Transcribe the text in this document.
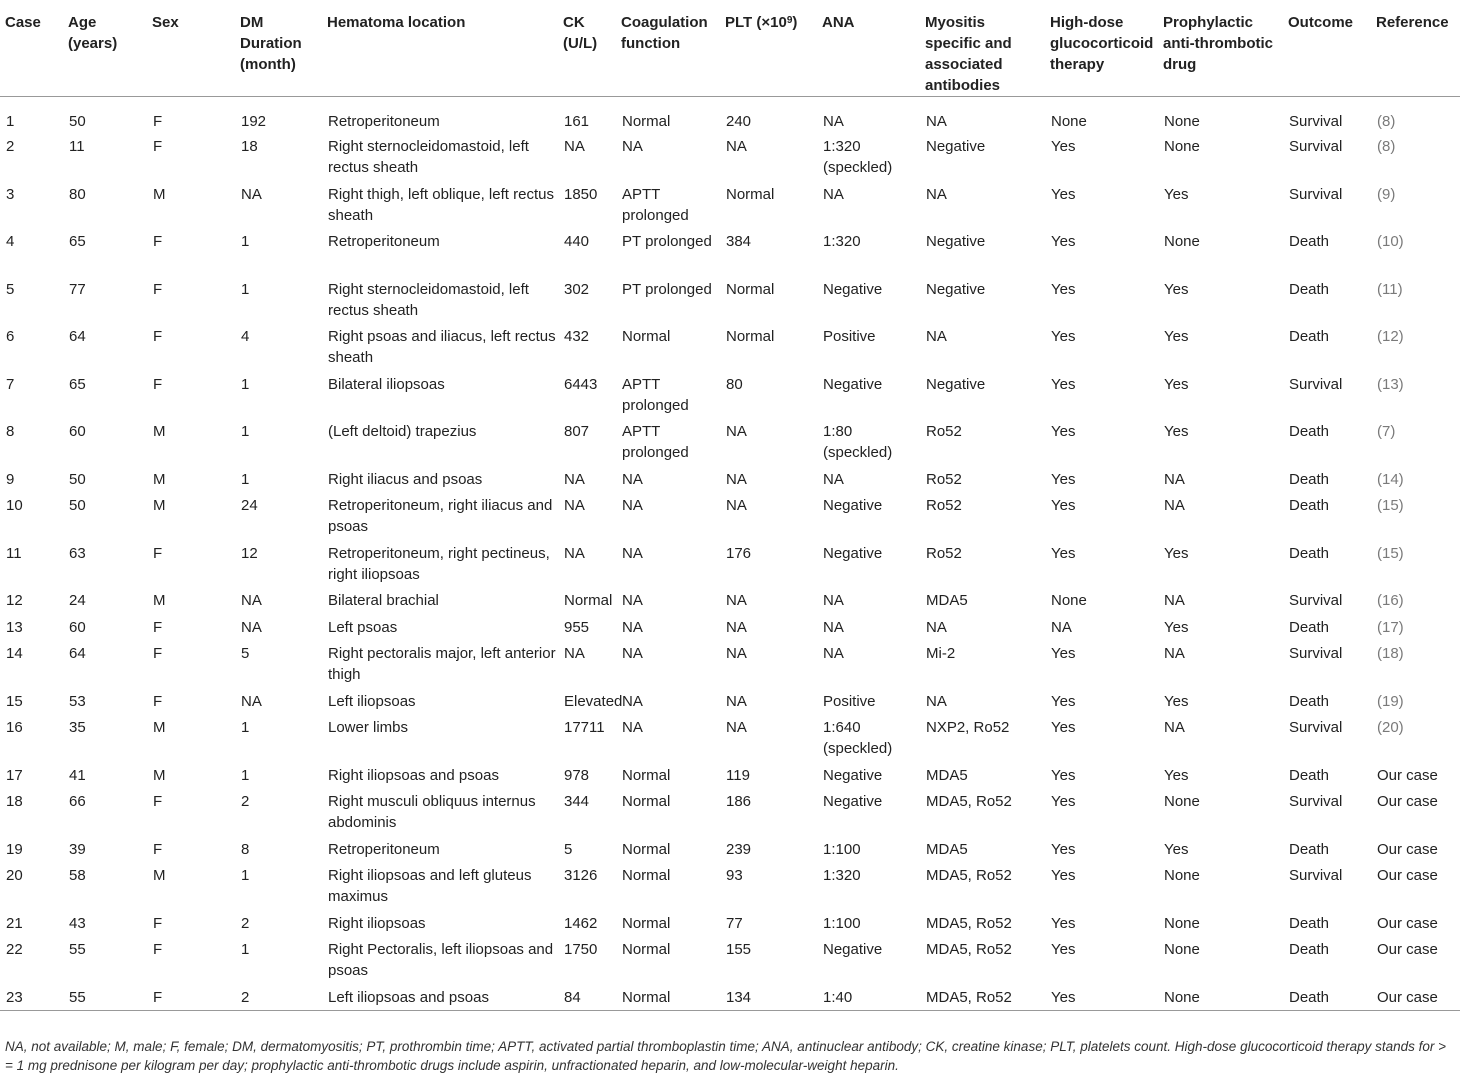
Case	Age (years)	Sex	DM Duration (month)	Hematoma location	CK (U/L)	Coagulation function	PLT $(\times 10^9)$	ANA	Myositis specific and associated antibodies	High-dose glucocorticoid therapy	Prophylactic anti-thrombotic drug	Outcome	Reference
1	50	F	192	Retroperitoneum	161	Normal	240	NA	NA	None	None	Survival	(8)
2	11	F	18	Right sternocleidomastoid, left rectus sheath	NA	NA	NA	1:320 (speckled)	Negative	Yes	None	Survival	(8)
3	80	M	NA	Right thigh, left oblique, left rectus sheath	1850	APTT prolonged	Normal	NA	NA	Yes	Yes	Survival	(9)
4	65	F	1	Retroperitoneum	440	PT prolonged	384	1:320	Negative	Yes	None	Death	(10)
5	77	F	1	Right sternocleidomastoid, left rectus sheath	302	PT prolonged	Normal	Negative	Negative	Yes	Yes	Death	(11)
6	64	F	4	Right psoas and iliacus, left rectus sheath	432	Normal	Normal	Positive	NA	Yes	Yes	Death	(12)
7	65	F	1	Bilateral iliopsoas	6443	APTT prolonged	80	Negative	Negative	Yes	Yes	Survival	(13)
8	60	M	1	(Left deltoid) trapezius	807	APTT prolonged	NA	1:80 (speckled)	Ro52	Yes	Yes	Death	(7)
9	50	M	1	Right iliacus and psoas	NA	NA	NA	NA	Ro52	Yes	NA	Death	(14)
10	50	M	24	Retroperitoneum, right iliacus and psoas	NA	NA	NA	Negative	Ro52	Yes	NA	Death	(15)
11	63	F	12	Retroperitoneum, right pectineus, right iliopsoas	NA	NA	176	Negative	Ro52	Yes	Yes	Death	(15)
12	24	M	NA	Bilateral brachial	Normal	NA	NA	NA	MDA5	None	NA	Survival	(16)
13	60	F	NA	Left psoas	955	NA	NA	NA	NA	NA	Yes	Death	(17)
14	64	F	5	Right pectoralis major, left anterior thigh	NA	NA	NA	NA	Mi-2	Yes	NA	Survival	(18)
15	53	F	NA	Left iliopsoas	Elevated	NA	NA	Positive	NA	Yes	Yes	Death	(19)
16	35	M	1	Lower limbs	17711	NA	NA	1:640 (speckled)	NXP2, Ro52	Yes	NA	Survival	(20)
17	41	M	1	Right iliopsoas and psoas	978	Normal	119	Negative	MDA5	Yes	Yes	Death	Our case
18	66	F	2	Right musculi obliquus internus abdominis	344	Normal	186	Negative	MDA5, Ro52	Yes	None	Survival	Our case
19	39	F	8	Retroperitoneum	5	Normal	239	1:100	MDA5	Yes	Yes	Death	Our case
20	58	M	1	Right iliopsoas and left gluteus maximus	3126	Normal	93	1:320	MDA5, Ro52	Yes	None	Survival	Our case
21	43	F	2	Right iliopsoas	1462	Normal	77	1:100	MDA5, Ro52	Yes	None	Death	Our case
22	55	F	1	Right Pectoralis, left iliopsoas and psoas	1750	Normal	155	Negative	MDA5, Ro52	Yes	None	Death	Our case
23	55	F	2	Left iliopsoas and psoas	84	Normal	134	1:40	MDA5, Ro52	Yes	None	Death	Our case
NA, not available; M, male; F, female; DM, dermatomyositis; PT, prothrombin time; APTT, activated partial thromboplastin time; ANA, antinuclear antibody; CK, creatine kinase; PLT, platelets count. High-dose glucocorticoid therapy stands for > = 1 mg prednisone per kilogram per day; prophylactic anti-thrombotic drugs include aspirin, unfractionated heparin, and low-molecular-weight heparin.
